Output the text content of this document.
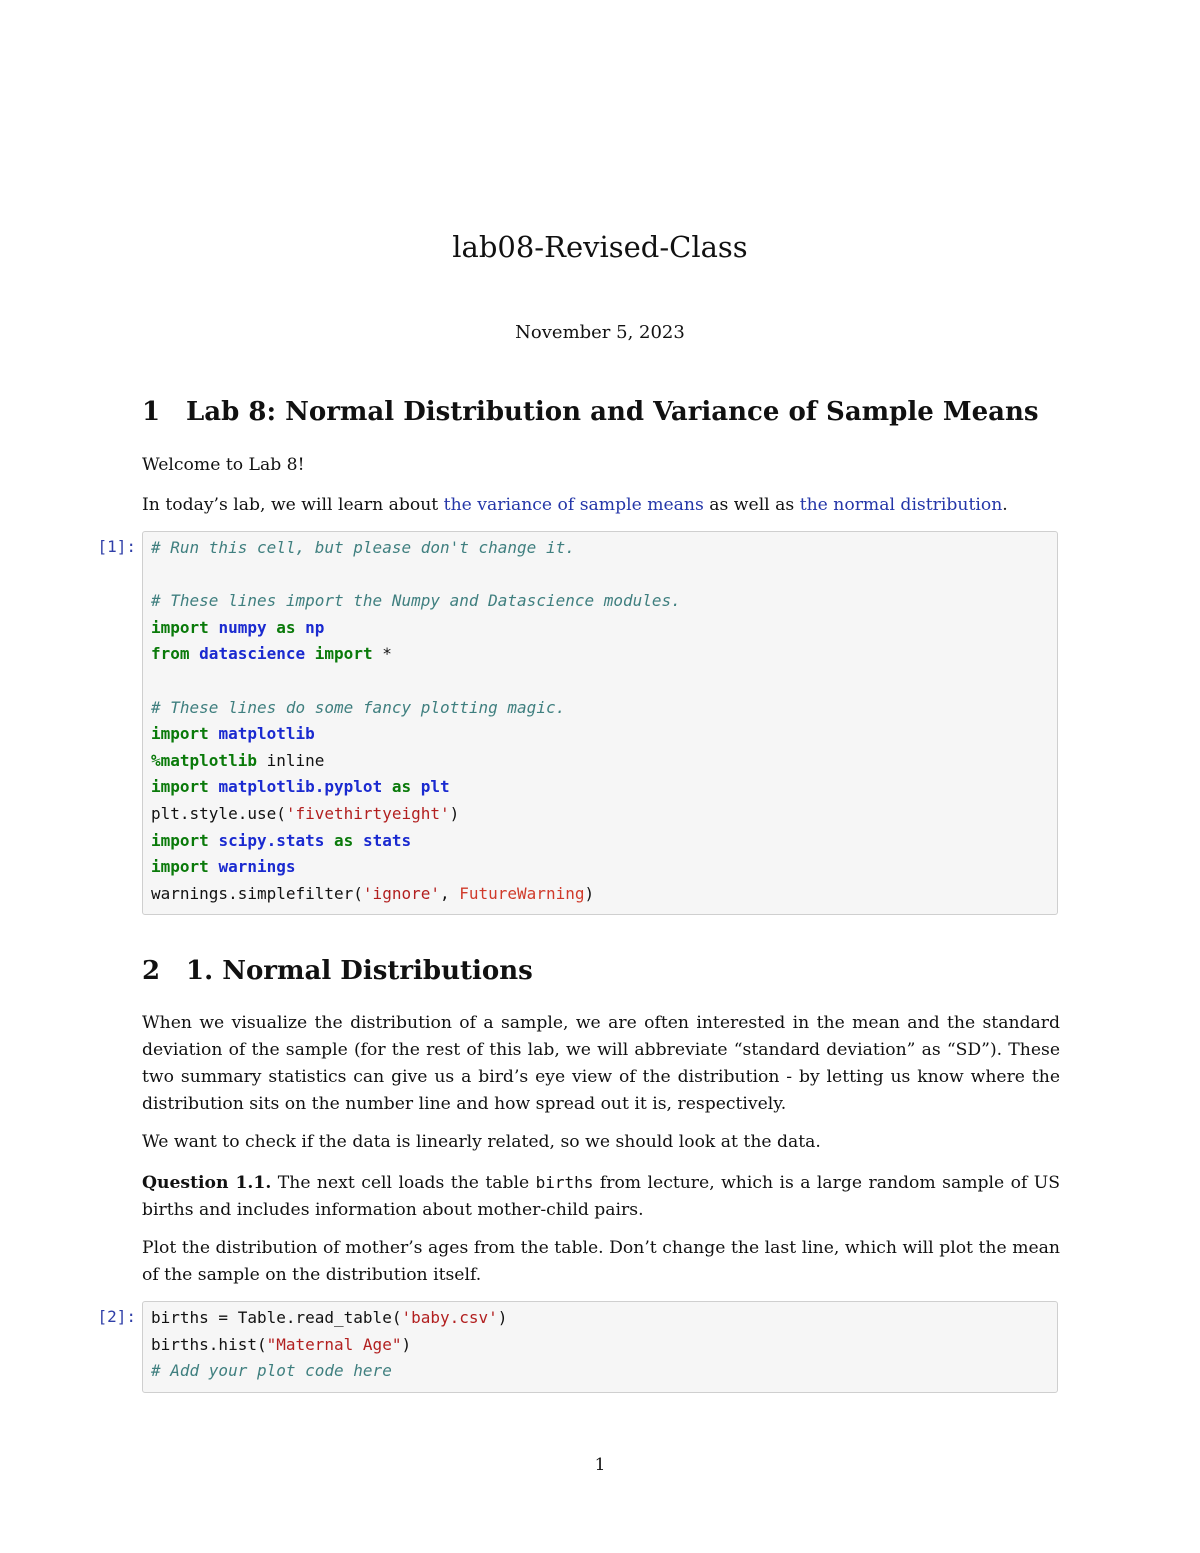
lab08-Revised-Class
November 5, 2023
1 Lab 8: Normal Distribution and Variance of Sample Means
Welcome to Lab 8!
In today’s lab, we will learn about the variance of sample means as well as the normal distribution.
[1]: # Run this cell, but please don't change it.

# These lines import the Numpy and Datascience modules.
import numpy as np
from datascience import *

# These lines do some fancy plotting magic.
import matplotlib
%matplotlib inline
import matplotlib.pyplot as plt
plt.style.use('fivethirtyeight')
import scipy.stats as stats
import warnings
warnings.simplefilter('ignore', FutureWarning)
2 1. Normal Distributions
When we visualize the distribution of a sample, we are often interested in the mean and the standard deviation of the sample (for the rest of this lab, we will abbreviate “standard deviation” as “SD”). These two summary statistics can give us a bird’s eye view of the distribution - by letting us know where the distribution sits on the number line and how spread out it is, respectively.
We want to check if the data is linearly related, so we should look at the data.
Question 1.1. The next cell loads the table births from lecture, which is a large random sample of US births and includes information about mother-child pairs.
Plot the distribution of mother’s ages from the table. Don’t change the last line, which will plot the mean of the sample on the distribution itself.
[2]: births = Table.read_table('baby.csv')
births.hist("Maternal Age")
# Add your plot code here
1
